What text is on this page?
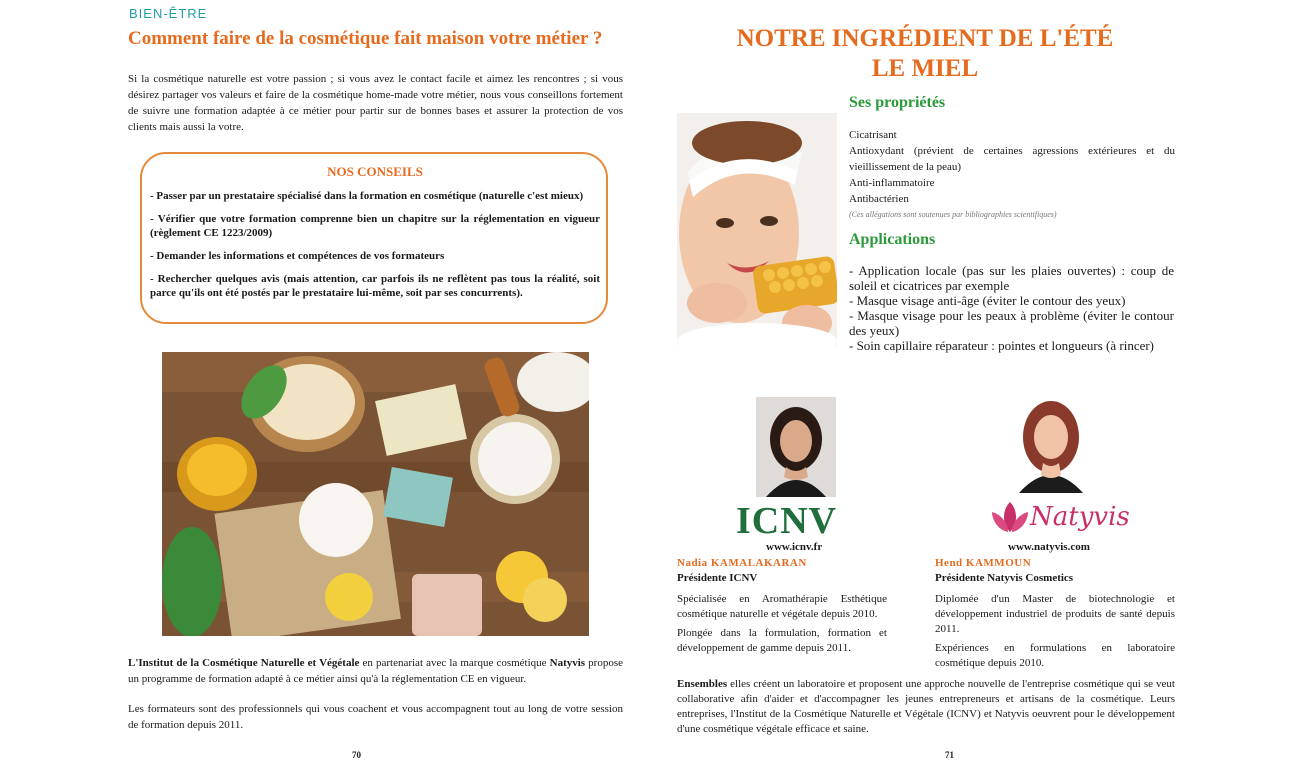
BIEN-ÊTRE
Comment faire de la cosmétique fait maison votre métier ?
Si la cosmétique naturelle est votre passion ; si vous avez le contact facile et aimez les rencontres ; si vous désirez partager vos valeurs et faire de la cosmétique home-made votre métier, nous vous conseillons fortement de suivre une formation adaptée à ce métier pour partir sur de bonnes bases et assurer la protection de vos clients mais aussi la votre.
NOS CONSEILS

- Passer par un prestataire spécialisé dans la formation en cosmétique (naturelle c'est mieux)

- Vérifier que votre formation comprenne bien un chapitre sur la réglementation en vigueur (règlement CE 1223/2009)

- Demander les informations et compétences de vos formateurs

- Rechercher quelques avis (mais attention, car parfois ils ne reflètent pas tous la réalité, soit parce qu'ils ont été postés par le prestataire lui-même, soit par ses concurrents).

L'Institut de la Cosmétique Naturelle et Végétale en partenariat avec la marque cosmétique Natyvis propose un programme de formation adapté à ce métier ainsi qu'à la réglementation CE en vigueur.
Les formateurs sont des professionnels qui vous coachent et vous accompagnent tout au long de votre session de formation depuis 2011.
70
NOTRE INGRÉDIENT DE L'ÉTÉ
LE MIEL
Ses propriétés
Cicatrisant
Antioxydant (prévient de certaines agressions extérieures et du vieillissement de la peau)
Anti-inflammatoire
Antibactérien
(Ces allégations sont soutenues par bibliographies scientifiques)
Applications
- Application locale (pas sur les plaies ouvertes) : coup de soleil et cicatrices par exemple
- Masque visage anti-âge (éviter le contour des yeux)
- Masque visage pour les peaux à problème (éviter le contour des yeux)
- Soin capillaire réparateur : pointes et longueurs (à rincer)
ICNV
www.icnv.fr
Nadia KAMALAKARAN
Présidente ICNV
Spécialisée en Aromathérapie Esthétique cosmétique naturelle et végétale depuis 2010.
Plongée dans la formulation, formation et développement de gamme depuis 2011.
Natyvis
www.natyvis.com
Hend KAMMOUN
Présidente Natyvis Cosmetics
Diplomée d'un Master de biotechnologie et développement industriel de produits de santé depuis 2011.
Expériences en formulations en laboratoire cosmétique depuis 2010.
Ensembles elles créent un laboratoire et proposent une approche nouvelle de l'entreprise cosmétique qui se veut collaborative afin d'aider et d'accompagner les jeunes entrepreneurs et artisans de la cosmétique. Leurs entreprises, l'Institut de la Cosmétique Naturelle et Végétale (ICNV) et Natyvis oeuvrent pour le développement d'une cosmétique végétale efficace et saine.
71
